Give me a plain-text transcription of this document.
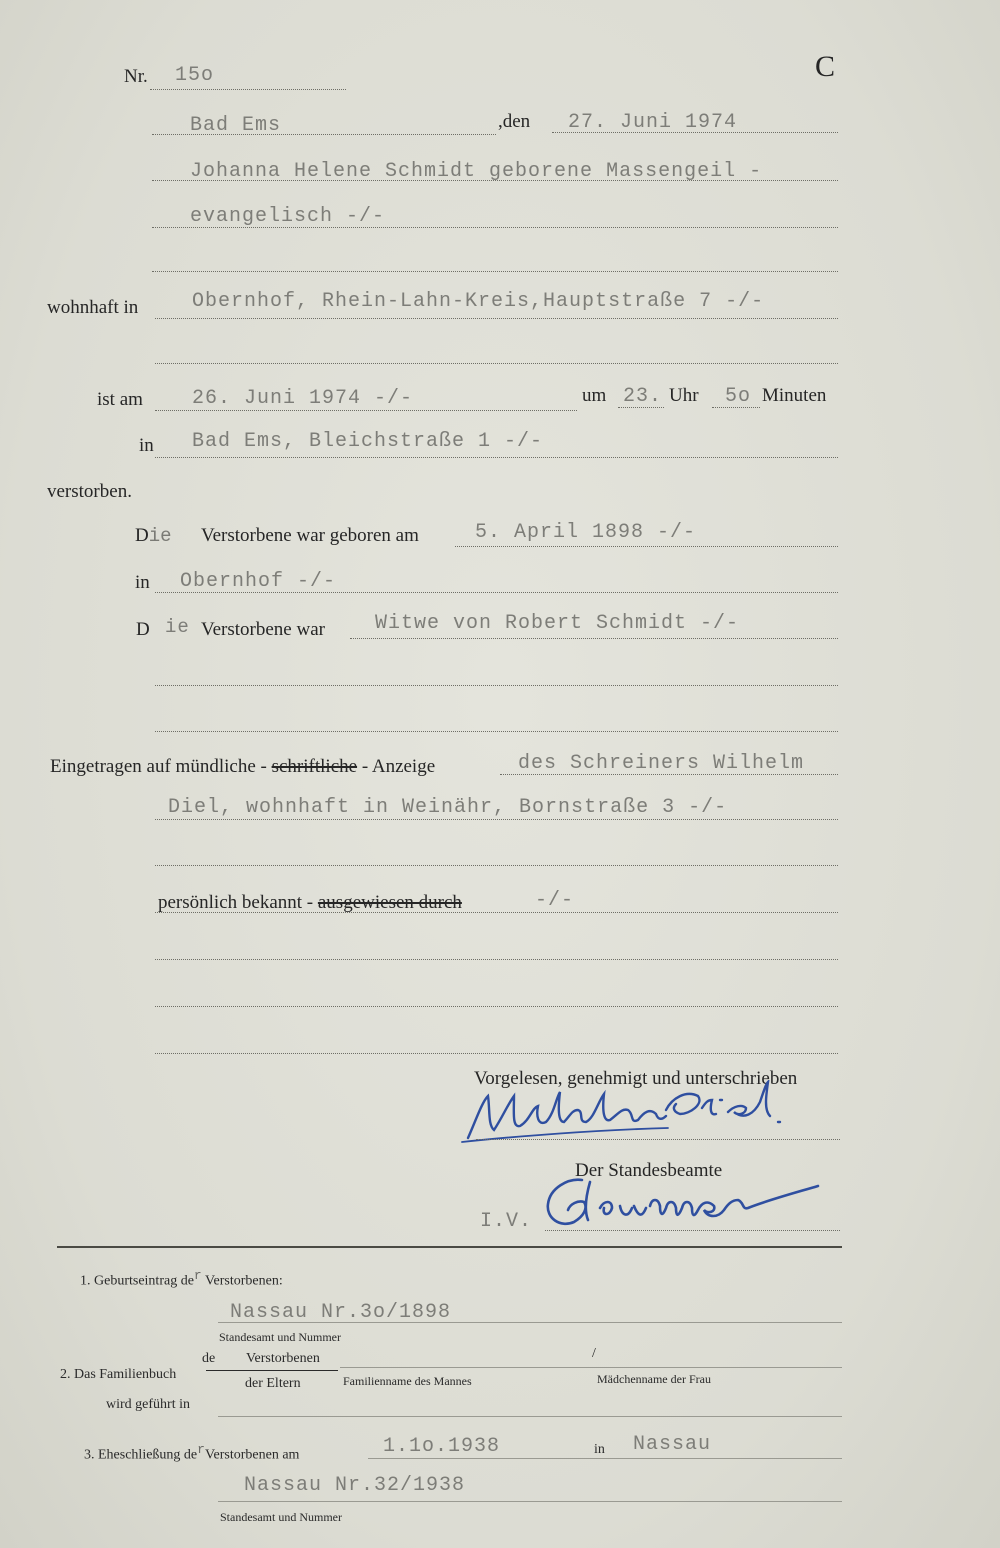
C
Nr. 15o
Bad Ems	,den 27. Juni 1974
Johanna Helene Schmidt geborene Massengeil -
evangelisch -/-
wohnhaft in	Obernhof, Rhein-Lahn-Kreis,Hauptstraße 7 -/-
ist am 26. Juni 1974 -/-	um 23. Uhr 5o Minuten
in Bad Ems, Bleichstraße 1 -/-
verstorben.
Die Verstorbene war geboren am	5. April 1898 -/-
in Obernhof -/-
D ie Verstorbene war	Witwe von Robert Schmidt -/-
Eingetragen auf mündliche - schriftliche - Anzeige	des Schreiners Wilhelm
Diel, wohnhaft in Weinähr, Bornstraße 3 -/-
persönlich bekannt - ausgewiesen durch	-/-
Vorgelesen, genehmigt und unterschrieben
Der Standesbeamte
I.V.
1. Geburtseintrag $de^r$ Verstorbenen:
Nassau Nr.3o/1898
Standesamt und Nummer
2. Das Familienbuch
de Verstorbenen
der Eltern	Familienname des Mannes
/
Mädchenname der Frau
wird geführt in
3. Eheschließung $de^rVerstorbenen$ am	1.1o.1938	in Nassau
Nassau Nr.32/1938
Standesamt und Nummer
